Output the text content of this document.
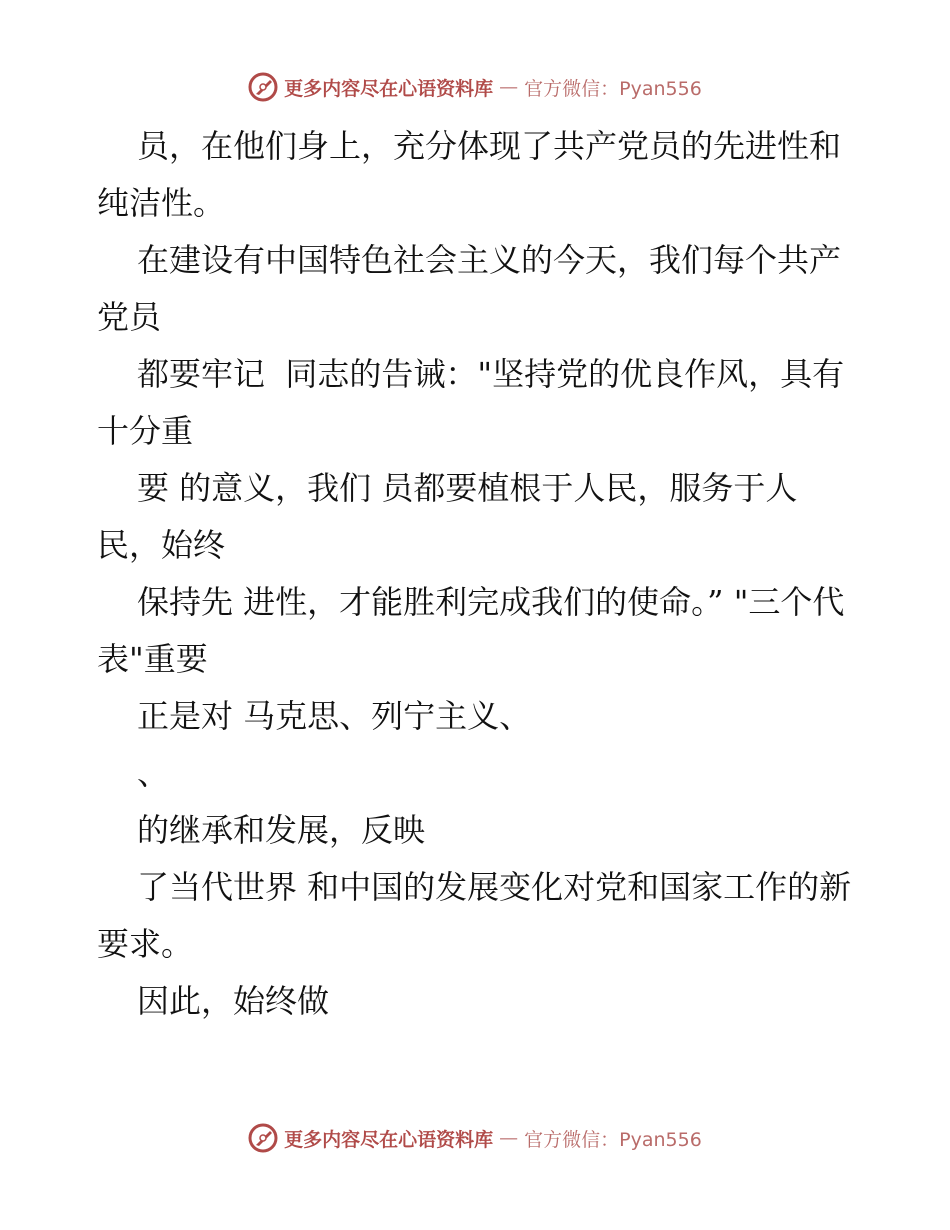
更多内容尽在心语资料库 — 官方微信：Pyan556

员，在他们身上，充分体现了共产党员的先进性和纯洁性。

在建设有中国特色社会主义的今天，我们每个共产党员

都要牢记  同志的告诫："坚持党的优良作风，具有十分重

要 的意义，我们 员都要植根于人民，服务于人民，始终

保持先 进性，才能胜利完成我们的使命。” "三个代表"重要

正是对 马克思、列宁主义、

、

的继承和发展，反映

了当代世界 和中国的发展变化对党和国家工作的新要求。

因此，始终做

更多内容尽在心语资料库 — 官方微信：Pyan556
